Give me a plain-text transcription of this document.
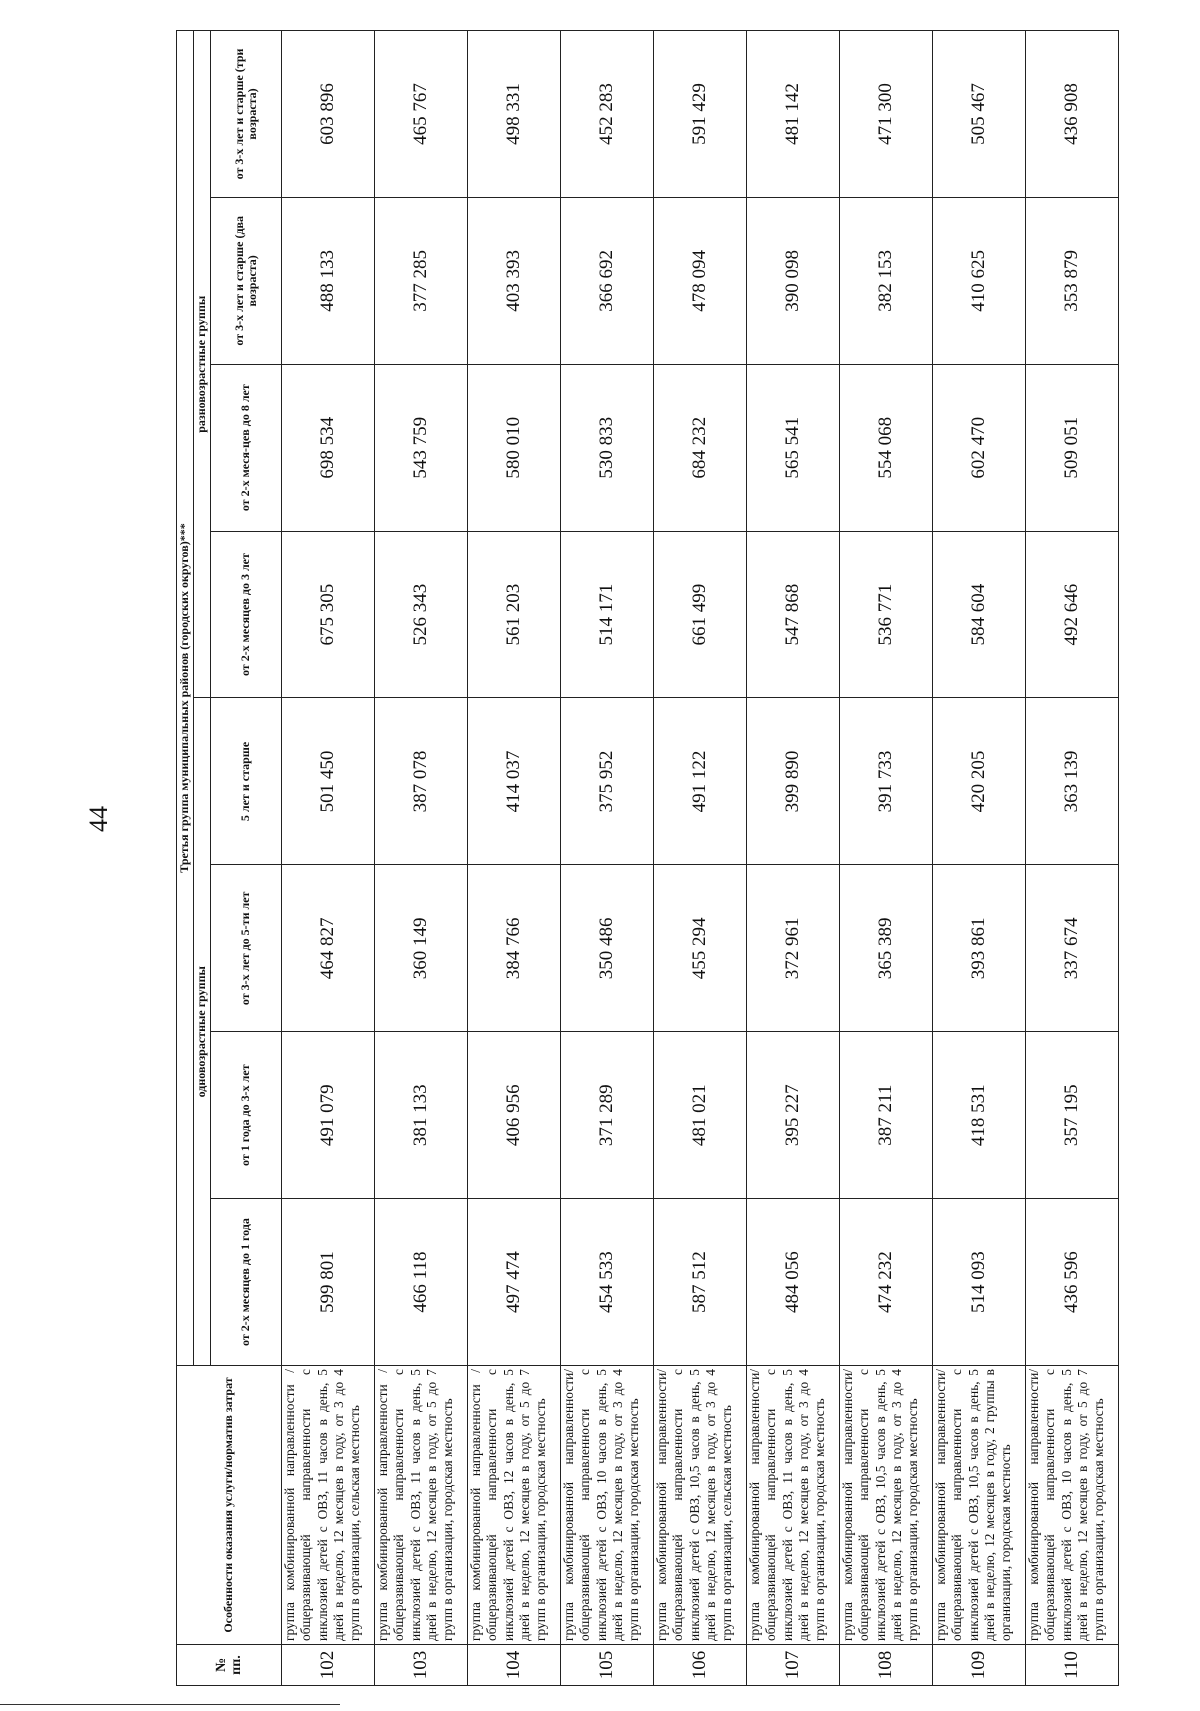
44
№ пп.	Особенности оказания услуги/норматив затрат	Третья группа муниципальных районов (городских округов)***							
		одновозрастные группы				разновозрастные группы			
		от 2-х месяцев до 1 года	от 1 года до 3-х лет	от 3-х лет до 5-ти лет	5 лет и старше	от 2-х месяцев до 3 лет	от 2-х меся-цев до 8 лет	от 3-х лет и старше (два возраста)	от 3-х лет и старше (три возраста)
102	группа комбинированной направленности / общеразвивающей направленности с инклюзией детей с ОВЗ, 11 часов в день, 5 дней в неделю, 12 месяцев в году, от 3 до 4 групп в организации, сельская местность	599 801	491 079	464 827	501 450	675 305	698 534	488 133	603 896
103	группа комбинированной направленности / общеразвивающей направленности с инклюзией детей с ОВЗ, 11 часов в день, 5 дней в неделю, 12 месяцев в году, от 5 до 7 групп в организации, городская местность	466 118	381 133	360 149	387 078	526 343	543 759	377 285	465 767
104	группа комбинированной направленности / общеразвивающей направленности с инклюзией детей с ОВЗ, 12 часов в день, 5 дней в неделю, 12 месяцев в году, от 5 до 7 групп в организации, городская местность	497 474	406 956	384 766	414 037	561 203	580 010	403 393	498 331
105	группа комбинированной направленности/ общеразвивающей направленности с инклюзией детей с ОВЗ, 10 часов в день, 5 дней в неделю, 12 месяцев в году, от 3 до 4 групп в организации, городская местность	454 533	371 289	350 486	375 952	514 171	530 833	366 692	452 283
106	группа комбинированной направленности/ общеразвивающей направленности с инклюзией детей с ОВЗ, 10,5 часов в день, 5 дней в неделю, 12 месяцев в году, от 3 до 4 групп в организации, сельская местность	587 512	481 021	455 294	491 122	661 499	684 232	478 094	591 429
107	группа комбинированной направленности/ общеразвивающей направленности с инклюзией детей с ОВЗ, 11 часов в день, 5 дней в неделю, 12 месяцев в году, от 3 до 4 групп в организации, городская местность	484 056	395 227	372 961	399 890	547 868	565 541	390 098	481 142
108	группа комбинированной направленности/ общеразвивающей направленности с инклюзией детей с ОВЗ, 10,5 часов в день, 5 дней в неделю, 12 месяцев в году, от 3 до 4 групп в организации, городская местность	474 232	387 211	365 389	391 733	536 771	554 068	382 153	471 300
109	группа комбинированной направленности/ общеразвивающей направленности с инклюзией детей с ОВЗ, 10,5 часов в день, 5 дней в неделю, 12 месяцев в году, 2 группы в организации, городская местность	514 093	418 531	393 861	420 205	584 604	602 470	410 625	505 467
110	группа комбинированной направленности/ общеразвивающей направленности с инклюзией детей с ОВЗ, 10 часов в день, 5 дней в неделю, 12 месяцев в году, от 5 до 7 групп в организации, городская местность	436 596	357 195	337 674	363 139	492 646	509 051	353 879	436 908
